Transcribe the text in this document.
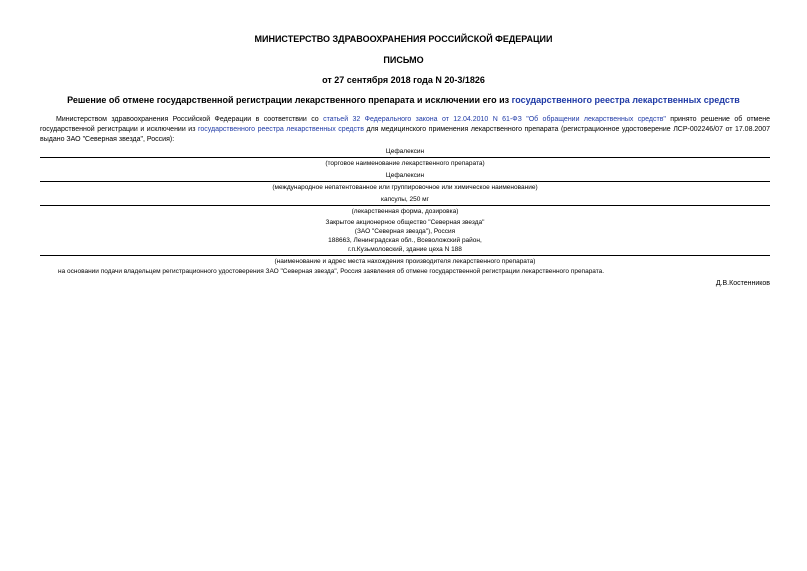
МИНИСТЕРСТВО ЗДРАВООХРАНЕНИЯ РОССИЙСКОЙ ФЕДЕРАЦИИ

ПИСЬМО

от 27 сентября 2018 года N 20-3/1826

Решение об отмене государственной регистрации лекарственного препарата и исключении его из государственного реестра лекарственных средств

Министерством здравоохранения Российской Федерации в соответствии со статьей 32 Федерального закона от 12.04.2010 N 61-ФЗ "Об обращении лекарственных средств" принято решение об отмене государственной регистрации и исключении из государственного реестра лекарственных средств для медицинского применения лекарственного препарата (регистрационное удостоверение ЛСР-002246/07 от 17.08.2007 выдано ЗАО "Северная звезда", Россия):

Цефалексин
(торговое наименование лекарственного препарата)
Цефалексин
(международное непатентованное или группировочное или химическое наименование)
капсулы, 250 мг
(лекарственная форма, дозировка)
Закрытое акционерное общество "Северная звезда"
(ЗАО "Северная звезда"), Россия
188663, Ленинградская обл., Всеволожский район,
г.п.Кузьмоловский, здание цеха N 188
(наименование и адрес места нахождения производителя лекарственного препарата)
на основании подачи владельцем регистрационного удостоверения ЗАО "Северная звезда", Россия заявления об отмене государственной регистрации лекарственного препарата.
Д.В.Костенников
